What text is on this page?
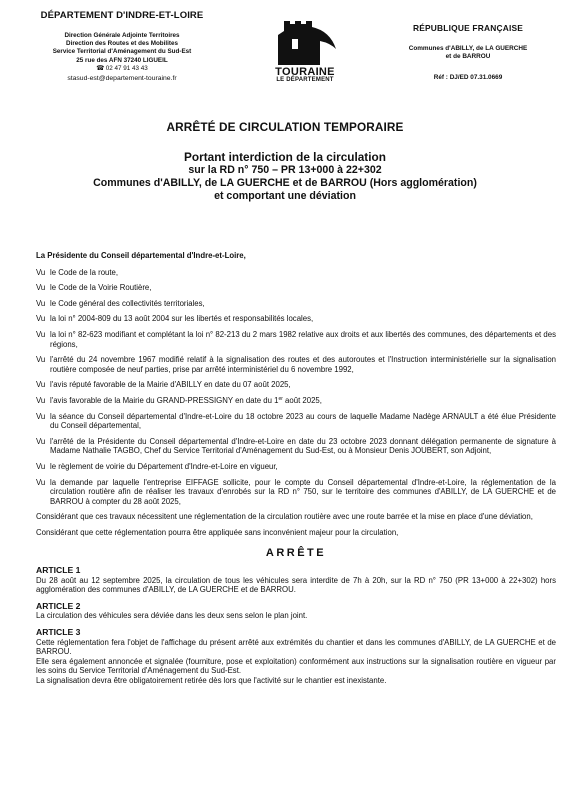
DÉPARTEMENT D'INDRE-ET-LOIRE
Direction Générale Adjointe Territoires
Direction des Routes et des Mobilites
Service Territorial d'Aménagement du Sud-Est
25 rue des AFN 37240 LIGUEIL
☎ 02 47 91 43 43
stasud-est@departement-touraine.fr
TOURAINE
LE DÉPARTEMENT
RÉPUBLIQUE FRANÇAISE
Communes d'ABILLY, de LA GUERCHE
et de BARROU
Réf : DJ/ED 07.31.0669
ARRÊTÉ DE CIRCULATION TEMPORAIRE
Portant interdiction de la circulation
sur la RD n° 750 – PR 13+000 à 22+302
Communes d'ABILLY, de LA GUERCHE et de BARROU (Hors agglomération)
et comportant une déviation
La Présidente du Conseil départemental d'Indre-et-Loire,
Vu le Code de la route,
Vu le Code de la Voirie Routière,
Vu le Code général des collectivités territoriales,
Vu la loi n° 2004-809 du 13 août 2004 sur les libertés et responsabilités locales,
Vu la loi n° 82-623 modifiant et complétant la loi n° 82-213 du 2 mars 1982 relative aux droits et aux libertés des communes, des départements et des régions,
Vu l'arrêté du 24 novembre 1967 modifié relatif à la signalisation des routes et des autoroutes et l'Instruction interministérielle sur la signalisation routière composée de neuf parties, prise par arrêté interministériel du 6 novembre 1992,
Vu l'avis réputé favorable de la Mairie d'ABILLY en date du 07 août 2025,
Vu l'avis favorable de la Mairie du GRAND-PRESSIGNY en date du 1er août 2025,
Vu la séance du Conseil départemental d'Indre-et-Loire du 18 octobre 2023 au cours de laquelle Madame Nadège ARNAULT a été élue Présidente du Conseil départemental,
Vu l'arrêté de la Présidente du Conseil départemental d'Indre-et-Loire en date du 23 octobre 2023 donnant délégation permanente de signature à Madame Nathalie TAGBO, Chef du Service Territorial d'Aménagement du Sud-Est, ou à Monsieur Denis JOUBERT, son Adjoint,
Vu le règlement de voirie du Département d'Indre-et-Loire en vigueur,
Vu la demande par laquelle l'entreprise EIFFAGE sollicite, pour le compte du Conseil départemental d'Indre-et-Loire, la réglementation de la circulation routière afin de réaliser les travaux d'enrobés sur la RD n° 750, sur le territoire des communes d'ABILLY, de LA GUERCHE et de BARROU à compter du 28 août 2025,
Considérant que ces travaux nécessitent une réglementation de la circulation routière avec une route barrée et la mise en place d'une déviation,
Considérant que cette réglementation pourra être appliquée sans inconvénient majeur pour la circulation,
ARRÊTE
ARTICLE 1
Du 28 août au 12 septembre 2025, la circulation de tous les véhicules sera interdite de 7h à 20h, sur la RD n° 750 (PR 13+000 à 22+302) hors agglomération des communes d'ABILLY, de LA GUERCHE et de BARROU.
ARTICLE 2
La circulation des véhicules sera déviée dans les deux sens selon le plan joint.
ARTICLE 3
Cette réglementation fera l'objet de l'affichage du présent arrêté aux extrémités du chantier et dans les communes d'ABILLY, de LA GUERCHE et de BARROU.
Elle sera également annoncée et signalée (fourniture, pose et exploitation) conformément aux instructions sur la signalisation routière en vigueur par les soins du Service Territorial d'Aménagement du Sud-Est.
La signalisation devra être obligatoirement retirée dès lors que l'activité sur le chantier est inexistante.
